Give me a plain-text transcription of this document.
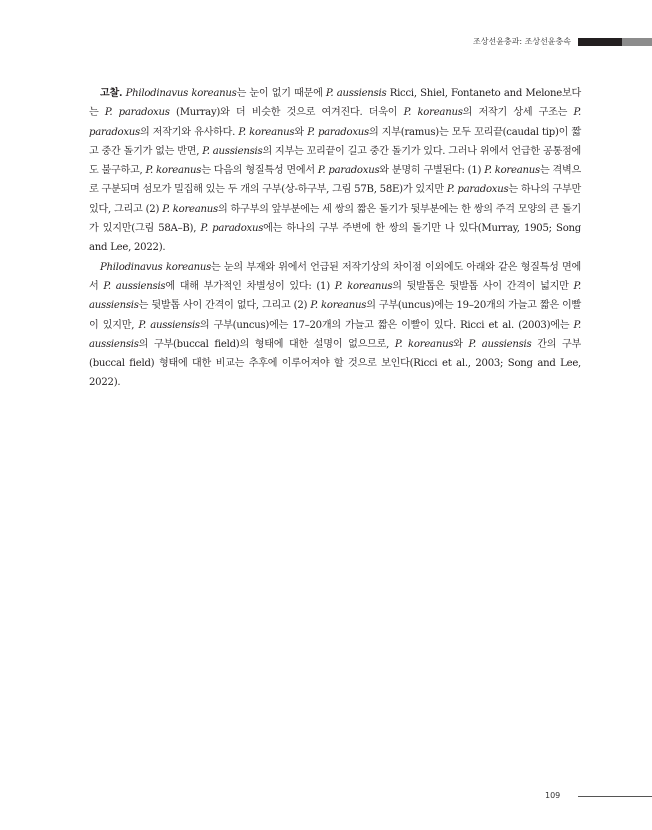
조상선윤충과: 조상선윤충속

고찰. Philodinavus koreanus는 눈이 없기 때문에 P. aussiensis Ricci, Shiel, Fontaneto and Melone보다는 P. paradoxus (Murray)와 더 비슷한 것으로 여겨진다. 더욱이 P. koreanus의 저작기 상세 구조는 P. paradoxus의 저작기와 유사하다. P. koreanus와 P. paradoxus의 지부(ramus)는 모두 꼬리끝(caudal tip)이 짧고 중간 돌기가 없는 반면, P. aussiensis의 지부는 꼬리끝이 길고 중간 돌기가 있다. 그러나 위에서 언급한 공통점에도 불구하고, P. koreanus는 다음의 형질특성 면에서 P. paradoxus와 분명히 구별된다: (1) P. koreanus는 격벽으로 구분되며 섬모가 밀집해 있는 두 개의 구부(상-하구부, 그림 57B, 58E)가 있지만 P. paradoxus는 하나의 구부만 있다, 그리고 (2) P. koreanus의 하구부의 앞부분에는 세 쌍의 짧은 돌기가 뒷부분에는 한 쌍의 주걱 모양의 큰 돌기가 있지만(그림 58A–B), P. paradoxus에는 하나의 구부 주변에 한 쌍의 돌기만 나 있다(Murray, 1905; Song and Lee, 2022).

Philodinavus koreanus는 눈의 부재와 위에서 언급된 저작기상의 차이점 이외에도 아래와 같은 형질특성 면에서 P. aussiensis에 대해 부가적인 차별성이 있다: (1) P. koreanus의 뒷발톱은 뒷발톱 사이 간격이 넓지만 P. aussiensis는 뒷발톱 사이 간격이 없다, 그리고 (2) P. koreanus의 구부(uncus)에는 19–20개의 가늘고 짧은 이빨이 있지만, P. aussiensis의 구부(uncus)에는 17–20개의 가늘고 짧은 이빨이 있다. Ricci et al. (2003)에는 P. aussiensis의 구부(buccal field)의 형태에 대한 설명이 없으므로, P. koreanus와 P. aussiensis 간의 구부(buccal field) 형태에 대한 비교는 추후에 이루어져야 할 것으로 보인다(Ricci et al., 2003; Song and Lee, 2022).

109
